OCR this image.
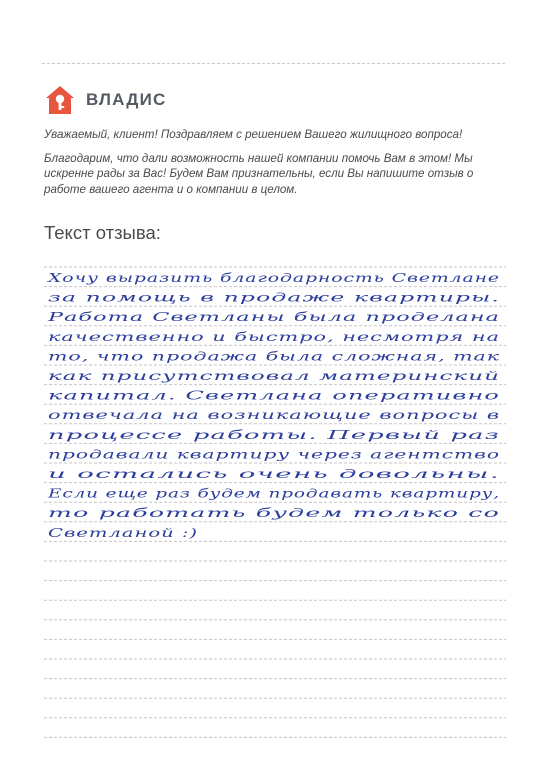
ВЛАДИС

Уважаемый, клиент! Поздравляем с решением Вашего жилищного вопроса!

Благодарим, что дали возможность нашей компании помочь Вам в этом! Мы искренне рады за Вас! Будем Вам признательны, если Вы напишите отзыв о работе вашего агента и о компании в целом.

Текст отзыва:
Хочу выразить благодарность Светлане
за помощь в продаже квартиры.
Работа Светланы была проделана
качественно и быстро, несмотря на
то, что продажа была сложная, так
как присутствовал материнский
капитал. Светлана оперативно
отвечала на возникающие вопросы в
процессе работы. Первый раз
продавали квартиру через агентство
и остались очень довольны.
Если еще раз будем продавать квартиру,
то работать будем только со
Светланой :)
